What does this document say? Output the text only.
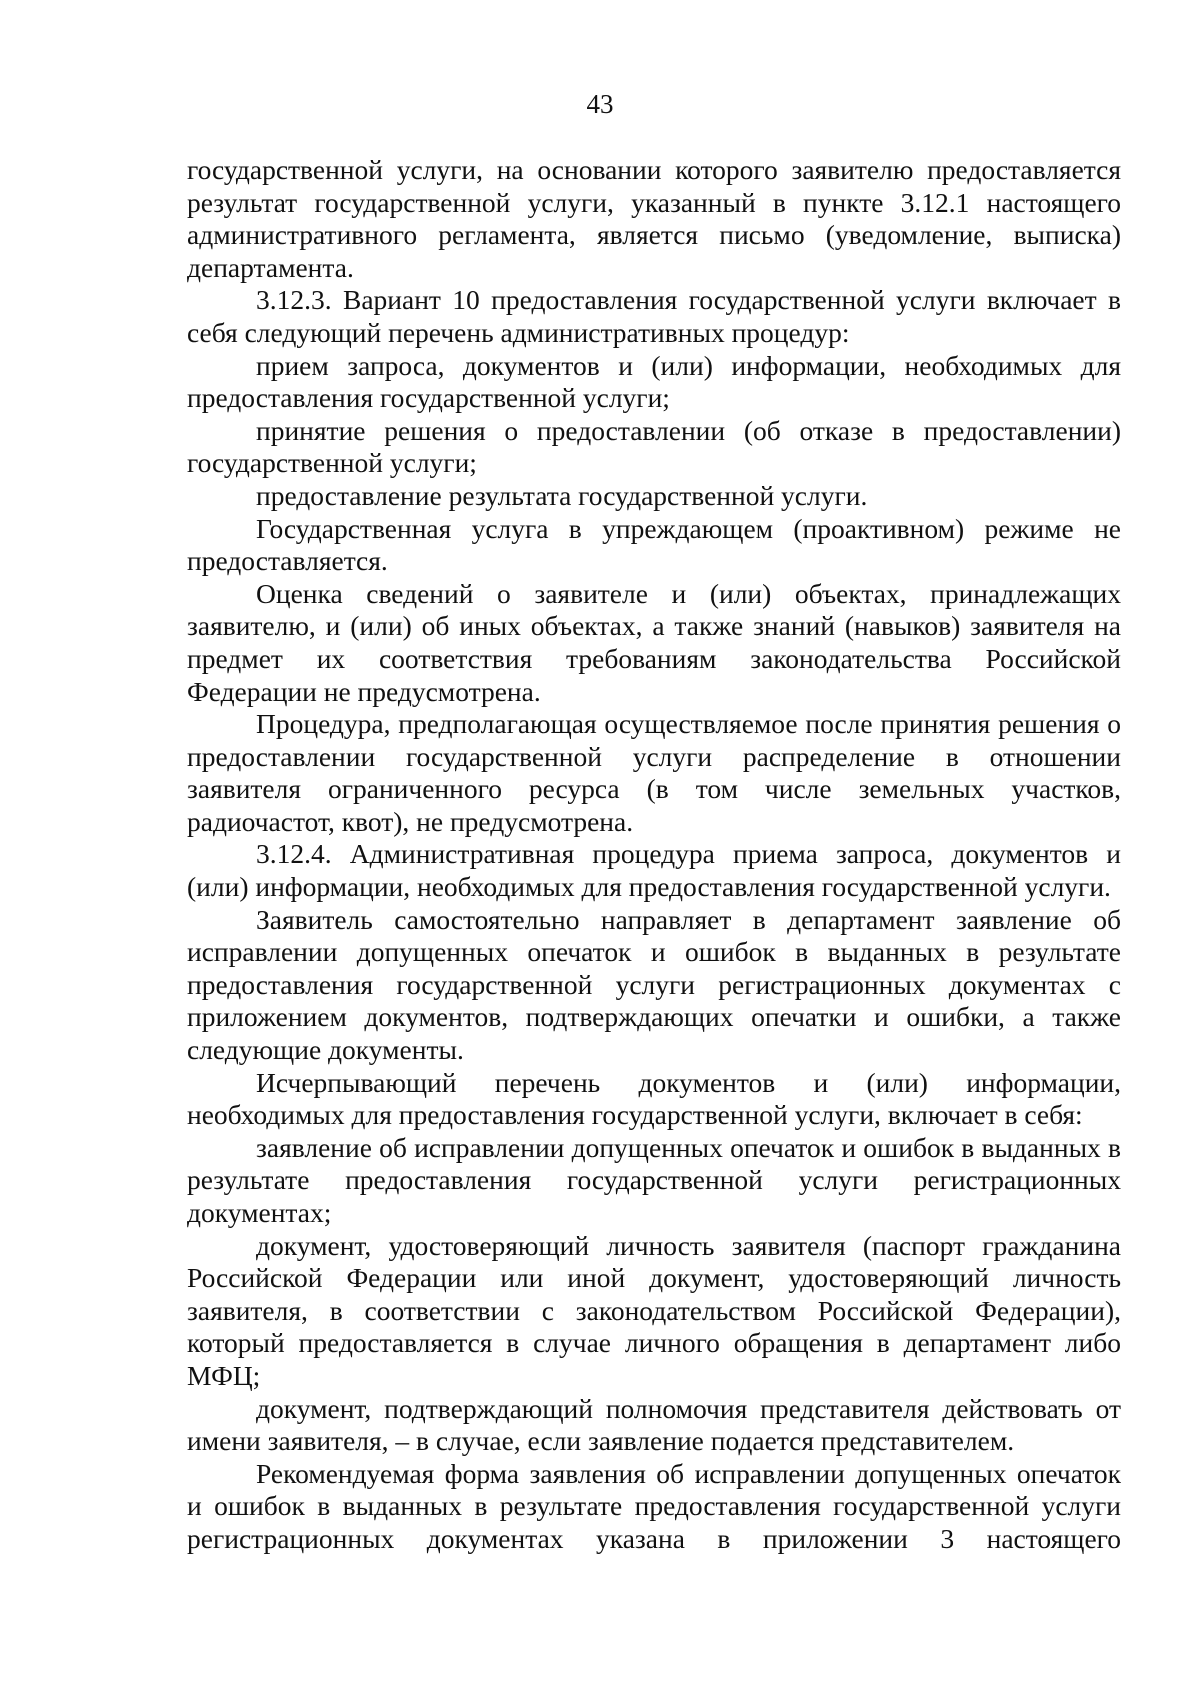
43

государственной услуги, на основании которого заявителю предоставляется результат государственной услуги, указанный в пункте 3.12.1 настоящего административного регламента, является письмо (уведомление, выписка) департамента.

3.12.3. Вариант 10 предоставления государственной услуги включает в себя следующий перечень административных процедур:

прием запроса, документов и (или) информации, необходимых для предоставления государственной услуги;

принятие решения о предоставлении (об отказе в предоставлении) государственной услуги;

предоставление результата государственной услуги.

Государственная услуга в упреждающем (проактивном) режиме не предоставляется.

Оценка сведений о заявителе и (или) объектах, принадлежащих заявителю, и (или) об иных объектах, а также знаний (навыков) заявителя на предмет их соответствия требованиям законодательства Российской Федерации не предусмотрена.

Процедура, предполагающая осуществляемое после принятия решения о предоставлении государственной услуги распределение в отношении заявителя ограниченного ресурса (в том числе земельных участков, радиочастот, квот), не предусмотрена.

3.12.4. Административная процедура приема запроса, документов и (или) информации, необходимых для предоставления государственной услуги.

Заявитель самостоятельно направляет в департамент заявление об исправлении допущенных опечаток и ошибок в выданных в результате предоставления государственной услуги регистрационных документах с приложением документов, подтверждающих опечатки и ошибки, а также следующие документы.

Исчерпывающий перечень документов и (или) информации, необходимых для предоставления государственной услуги, включает в себя:

заявление об исправлении допущенных опечаток и ошибок в выданных в результате предоставления государственной услуги регистрационных документах;

документ, удостоверяющий личность заявителя (паспорт гражданина Российской Федерации или иной документ, удостоверяющий личность заявителя, в соответствии с законодательством Российской Федерации), который предоставляется в случае личного обращения в департамент либо МФЦ;

документ, подтверждающий полномочия представителя действовать от имени заявителя, – в случае, если заявление подается представителем.

Рекомендуемая форма заявления об исправлении допущенных опечаток и ошибок в выданных в результате предоставления государственной услуги регистрационных документах указана в приложении 3 настоящего
